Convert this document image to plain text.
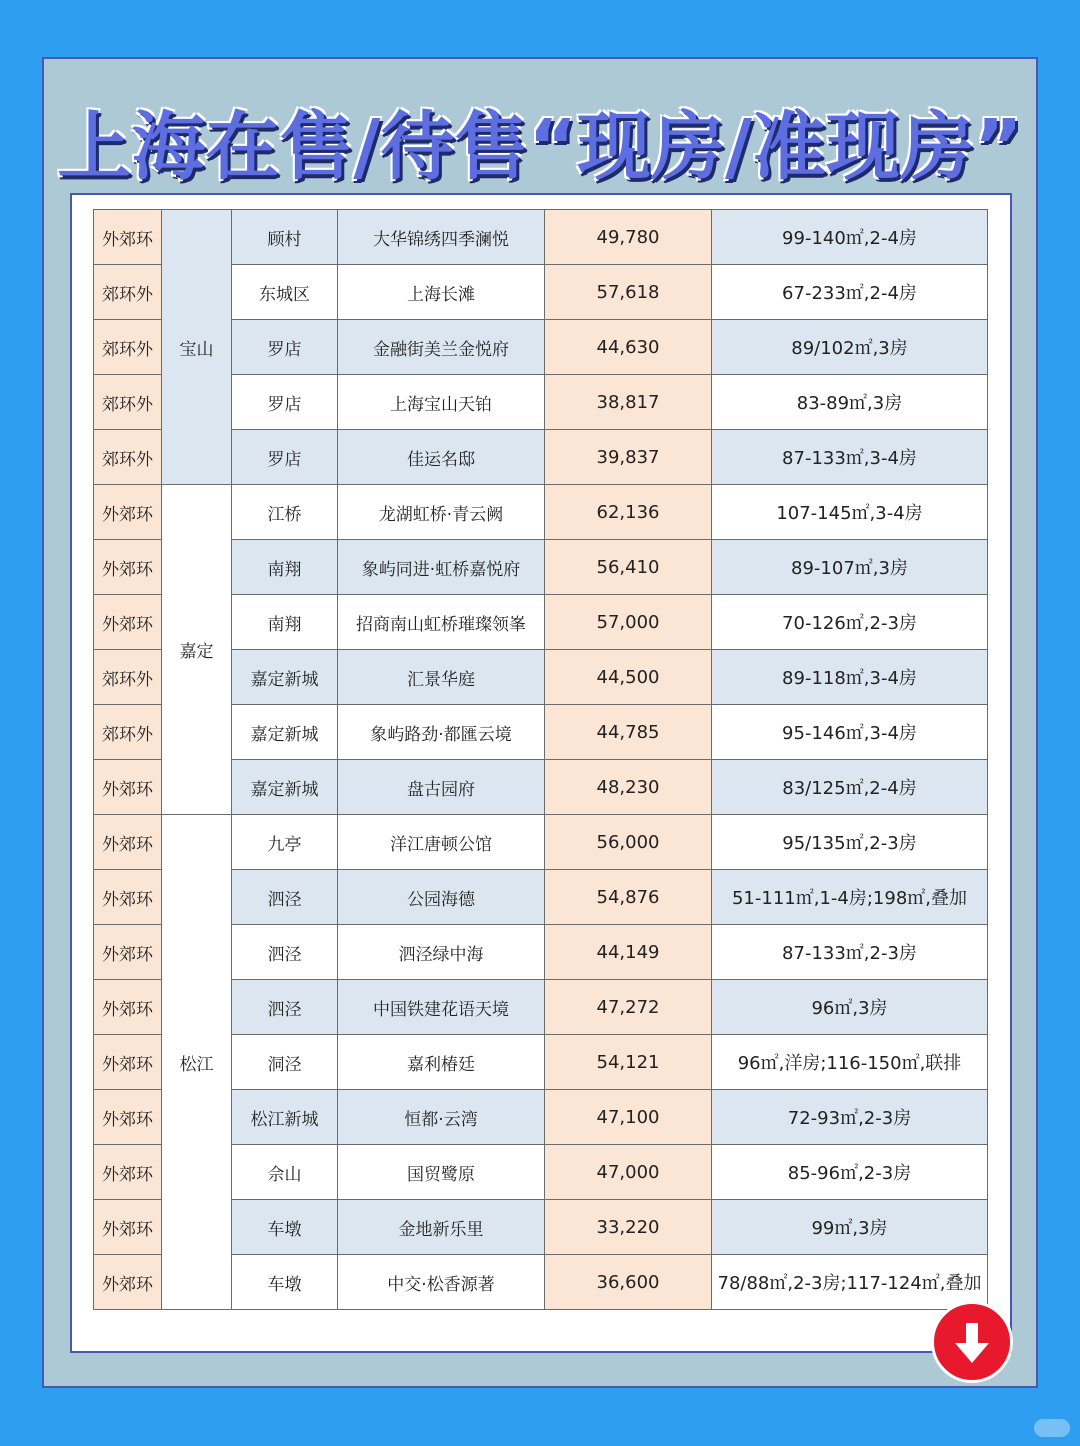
上海在售/待售“现房/准现房”
外郊环	宝山	顾村	大华锦绣四季澜悦	49,780	99-140㎡,2-4房
郊环外		东城区	上海长滩	57,618	67-233㎡,2-4房
郊环外		罗店	金融街美兰金悦府	44,630	89/102㎡,3房
郊环外		罗店	上海宝山天铂	38,817	83-89㎡,3房
郊环外		罗店	佳运名邸	39,837	87-133㎡,3-4房
外郊环	嘉定	江桥	龙湖虹桥·青云阙	62,136	107-145㎡,3-4房
外郊环		南翔	象屿同进·虹桥嘉悦府	56,410	89-107㎡,3房
外郊环		南翔	招商南山虹桥璀璨领峯	57,000	70-126㎡,2-3房
郊环外		嘉定新城	汇景华庭	44,500	89-118㎡,3-4房
郊环外		嘉定新城	象屿路劲·都匯云境	44,785	95-146㎡,3-4房
外郊环		嘉定新城	盘古园府	48,230	83/125㎡,2-4房
外郊环	松江	九亭	洋江唐顿公馆	56,000	95/135㎡,2-3房
外郊环		泗泾	公园海德	54,876	51-111㎡,1-4房;198㎡,叠加
外郊环		泗泾	泗泾绿中海	44,149	87-133㎡,2-3房
外郊环		泗泾	中国铁建花语天境	47,272	96㎡,3房
外郊环		洞泾	嘉利椿廷	54,121	96㎡,洋房;116-150㎡,联排
外郊环		松江新城	恒都·云湾	47,100	72-93㎡,2-3房
外郊环		佘山	国贸鹭原	47,000	85-96㎡,2-3房
外郊环		车墩	金地新乐里	33,220	99㎡,3房
外郊环		车墩	中交·松香源著	36,600	78/88㎡,2-3房;117-124㎡,叠加
